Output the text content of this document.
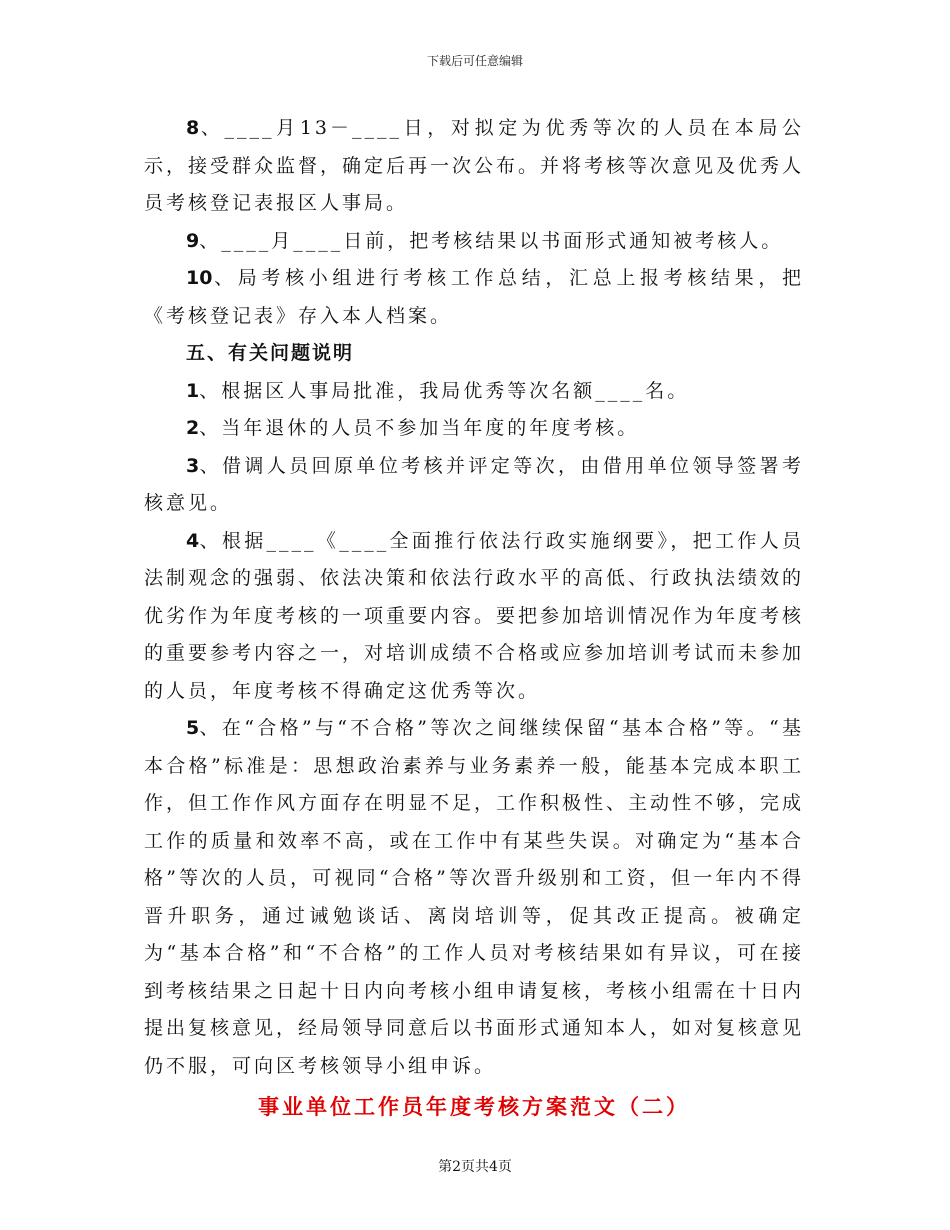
下载后可任意编辑

8、____月13－____日，对拟定为优秀等次的人员在本局公示，接受群众监督，确定后再一次公布。并将考核等次意见及优秀人员考核登记表报区人事局。

9、____月____日前，把考核结果以书面形式通知被考核人。

10、局考核小组进行考核工作总结，汇总上报考核结果，把《考核登记表》存入本人档案。

五、有关问题说明

1、根据区人事局批准，我局优秀等次名额____名。

2、当年退休的人员不参加当年度的年度考核。

3、借调人员回原单位考核并评定等次，由借用单位领导签署考核意见。

4、根据____《____全面推行依法行政实施纲要》，把工作人员法制观念的强弱、依法决策和依法行政水平的高低、行政执法绩效的优劣作为年度考核的一项重要内容。要把参加培训情况作为年度考核的重要参考内容之一，对培训成绩不合格或应参加培训考试而未参加的人员，年度考核不得确定这优秀等次。

5、在“合格”与“不合格”等次之间继续保留“基本合格”等。“基本合格”标准是：思想政治素养与业务素养一般，能基本完成本职工作，但工作作风方面存在明显不足，工作积极性、主动性不够，完成工作的质量和效率不高，或在工作中有某些失误。对确定为“基本合格”等次的人员，可视同“合格”等次晋升级别和工资，但一年内不得晋升职务，通过诫勉谈话、离岗培训等，促其改正提高。被确定为“基本合格”和“不合格”的工作人员对考核结果如有异议，可在接到考核结果之日起十日内向考核小组申请复核，考核小组需在十日内提出复核意见，经局领导同意后以书面形式通知本人，如对复核意见仍不服，可向区考核领导小组申诉。

事业单位工作员年度考核方案范文（二）

第2页共4页
